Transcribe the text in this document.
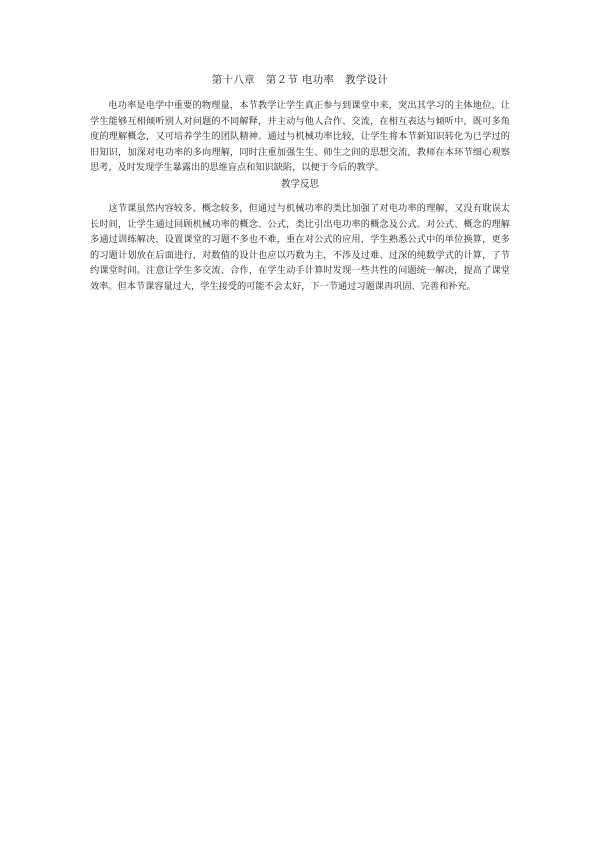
第十八章　第２节 电功率　教学设计

电功率是电学中重要的物理量，本节教学让学生真正参与到课堂中来，突出其学习的主体地位，让学生能够互相倾听别人对问题的不同解释，并主动与他人合作、交流，在相互表达与倾听中，既可多角度的理解概念，又可培养学生的团队精神。通过与机械功率比较，让学生将本节新知识转化为已学过的旧知识，加深对电功率的多向理解，同时注重加强生生、师生之间的思想交流，教师在本环节细心观察思考，及时发现学生暴露出的思维盲点和知识缺陷，以便于今后的教学。

教学反思

这节课虽然内容较多、概念较多，但通过与机械功率的类比加强了对电功率的理解，又没有耽误太长时间，让学生通过回顾机械功率的概念、公式，类比引出电功率的概念及公式。对公式、概念的理解多通过训练解决，设置课堂的习题不多也不难，重在对公式的应用，学生熟悉公式中的单位换算，更多的习题计划放在后面进行，对数值的设计也应以巧数为主，不涉及过难、过深的纯数学式的计算，了节约课堂时间。注意让学生多交流、合作，在学生动手计算时发现一些共性的问题统一解决，提高了课堂效率。但本节课容量过大，学生接受的可能不会太好，下一节通过习题课再巩固、完善和补充。
